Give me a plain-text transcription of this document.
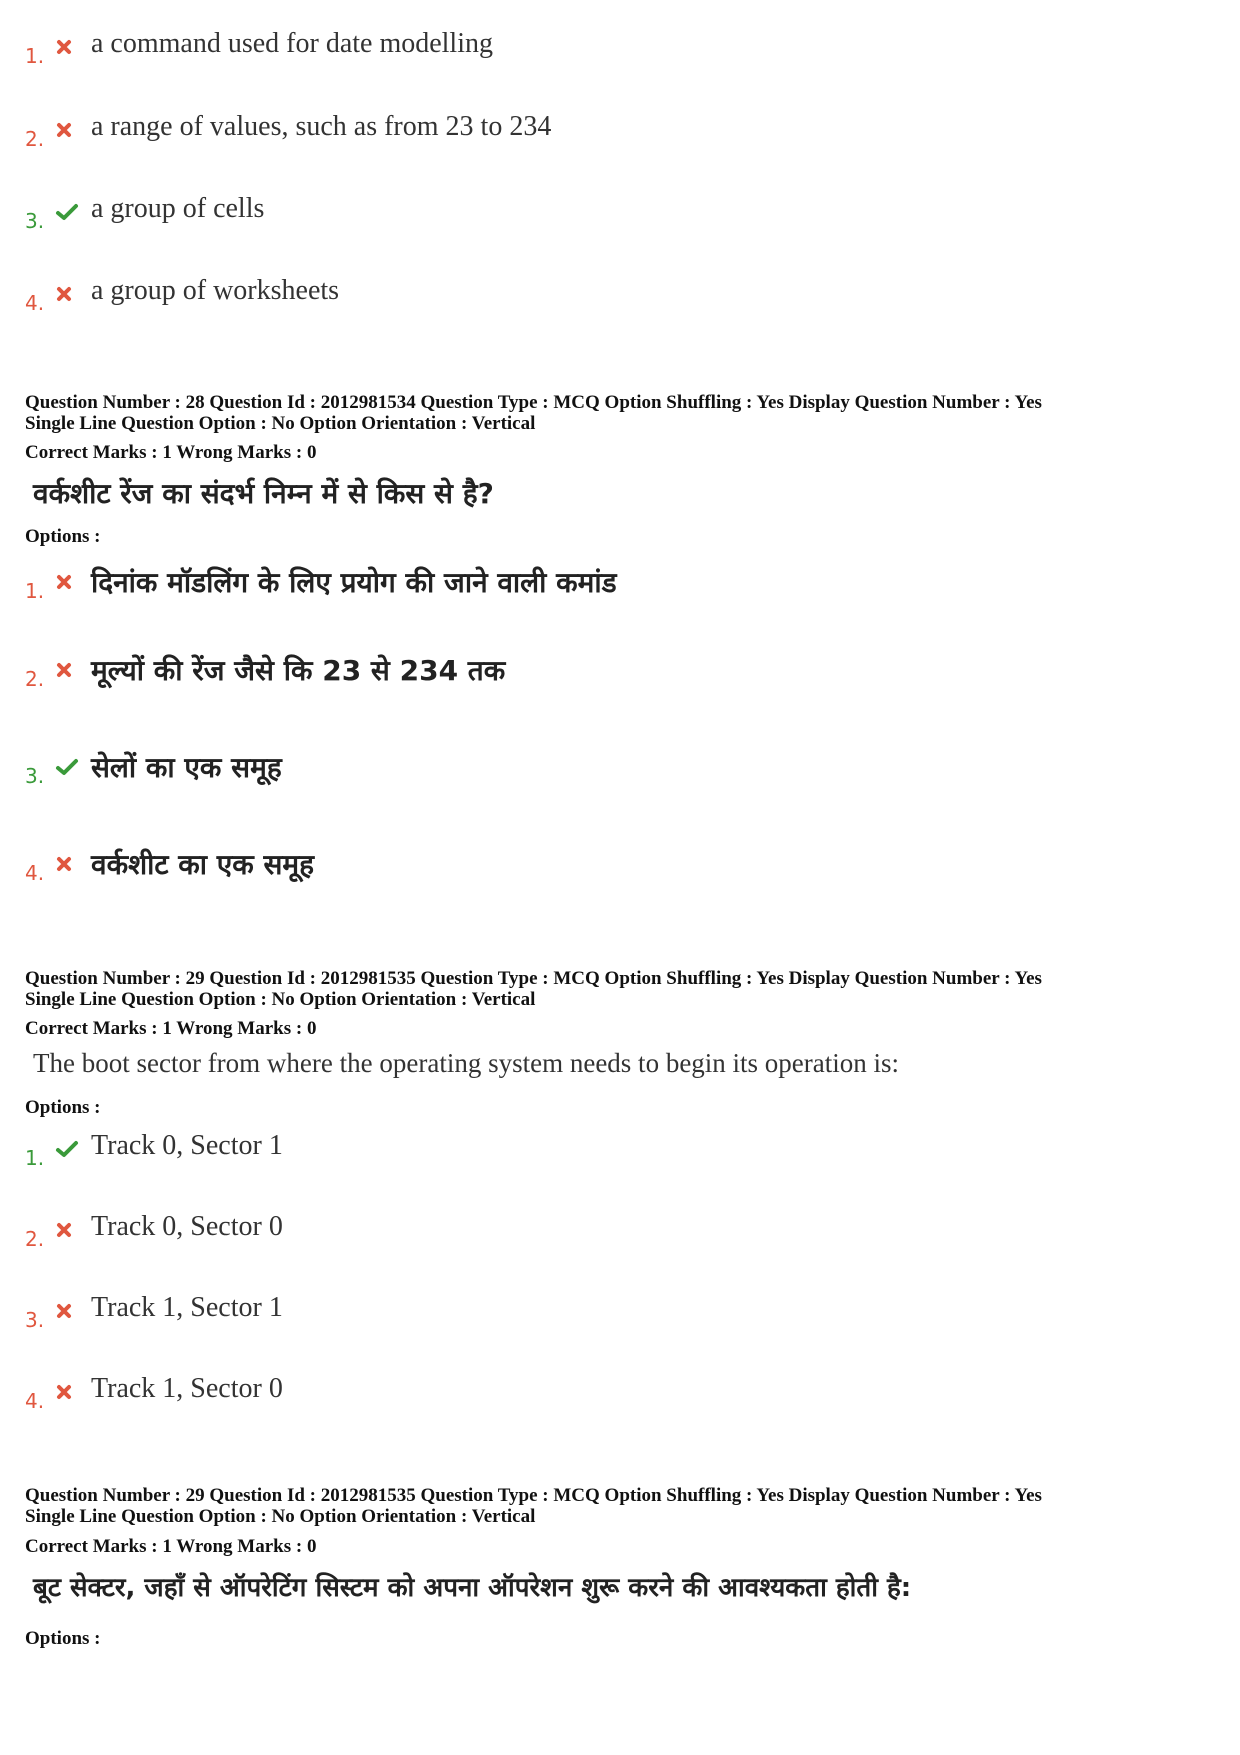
1. a command used for date modelling
2. a range of values, such as from 23 to 234
3. a group of cells
4. a group of worksheets
Question Number : 28 Question Id : 2012981534 Question Type : MCQ Option Shuffling : Yes Display Question Number : Yes
Single Line Question Option : No Option Orientation : Vertical
Correct Marks : 1 Wrong Marks : 0
वर्कशीट रेंज का संदर्भ निम्न में से किस से है?
Options :
1. दिनांक मॉडलिंग के लिए प्रयोग की जाने वाली कमांड
2. मूल्यों की रेंज जैसे कि 23 से 234 तक
3. सेलों का एक समूह
4. वर्कशीट का एक समूह
Question Number : 29 Question Id : 2012981535 Question Type : MCQ Option Shuffling : Yes Display Question Number : Yes
Single Line Question Option : No Option Orientation : Vertical
Correct Marks : 1 Wrong Marks : 0
The boot sector from where the operating system needs to begin its operation is:
Options :
1. Track 0, Sector 1
2. Track 0, Sector 0
3. Track 1, Sector 1
4. Track 1, Sector 0
Question Number : 29 Question Id : 2012981535 Question Type : MCQ Option Shuffling : Yes Display Question Number : Yes
Single Line Question Option : No Option Orientation : Vertical
Correct Marks : 1 Wrong Marks : 0
बूट सेक्टर, जहाँ से ऑपरेटिंग सिस्टम को अपना ऑपरेशन शुरू करने की आवश्यकता होती है:
Options :
